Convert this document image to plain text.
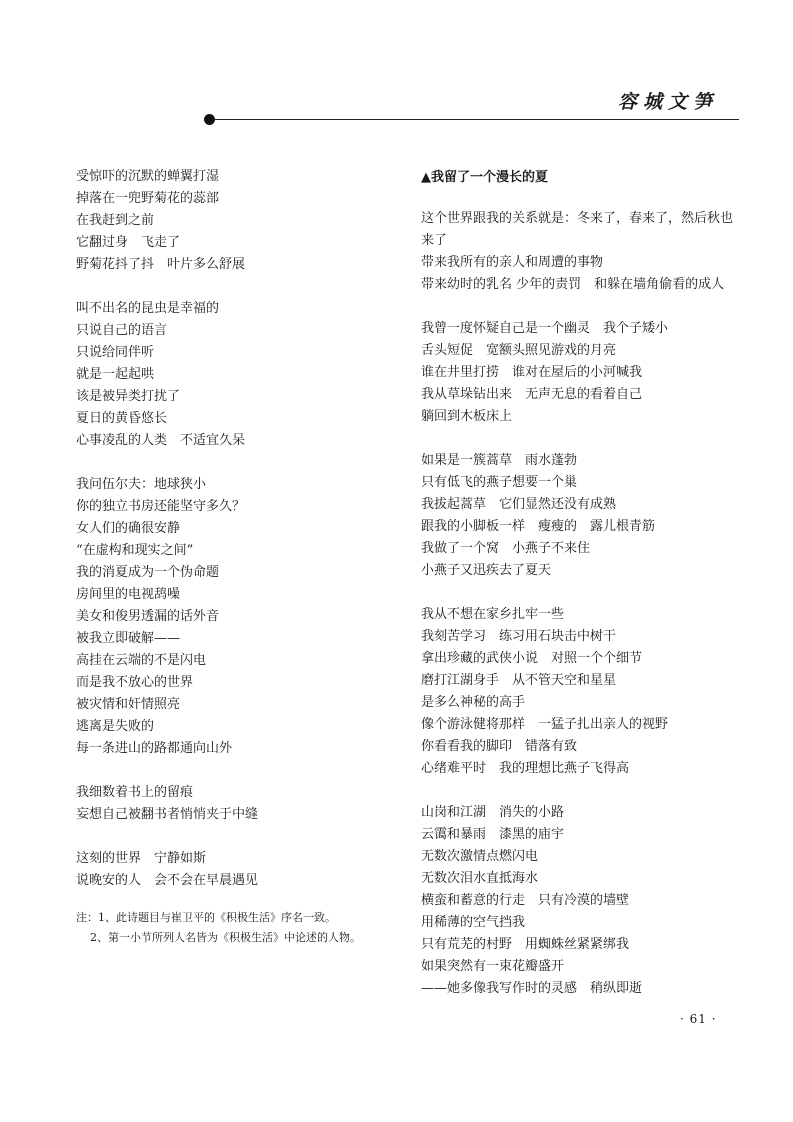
容城文笋
受惊吓的沉默的蝉翼打湿
掉落在一兜野菊花的蕊部
在我赶到之前
它翻过身　飞走了
野菊花抖了抖　叶片多么舒展
叫不出名的昆虫是幸福的
只说自己的语言
只说给同伴听
就是一起起哄
该是被异类打扰了
夏日的黄昏悠长
心事凌乱的人类　不适宜久呆
我问伍尔夫：地球狭小
你的独立书房还能坚守多久？
女人们的确很安静
“在虚构和现实之间”
我的消夏成为一个伪命题
房间里的电视鸹噪
美女和俊男透漏的话外音
被我立即破解——
高挂在云端的不是闪电
而是我不放心的世界
被灾情和奸情照亮
逃离是失败的
每一条进山的路都通向山外
我细数着书上的留痕
妄想自己被翻书者悄悄夹于中缝
这刻的世界　宁静如斯
说晚安的人　会不会在早晨遇见
注：1、此诗题目与崔卫平的《积极生活》序名一致。
2、第一小节所列人名皆为《积极生活》中论述的人物。
▲我留了一个漫长的夏
这个世界跟我的关系就是：冬来了，春来了，然后秋也
来了
带来我所有的亲人和周遭的事物
带来幼时的乳名 少年的责罚　和躲在墙角偷看的成人
我曾一度怀疑自己是一个幽灵　我个子矮小
舌头短促　宽额头照见游戏的月亮
谁在井里打捞　谁对在屋后的小河喊我
我从草垛钻出来　无声无息的看着自己
躺回到木板床上
如果是一簇蒿草　雨水蓬勃
只有低飞的燕子想要一个巢
我拔起蒿草　它们显然还没有成熟
跟我的小脚板一样　瘦瘦的　露儿根青筋
我做了一个窝　小燕子不来住
小燕子又迅疾去了夏天
我从不想在家乡扎牢一些
我刻苦学习　练习用石块击中树干
拿出珍藏的武侠小说　对照一个个细节
磨打江湖身手　从不管天空和星星
是多么神秘的高手
像个游泳健将那样　一猛子扎出亲人的视野
你看看我的脚印　错落有致
心绪难平时　我的理想比燕子飞得高
山岗和江湖　消失的小路
云霭和暴雨　漆黑的庙宇
无数次激情点燃闪电
无数次泪水直抵海水
横蛮和蓄意的行走　只有冷漠的墙壁
用稀薄的空气挡我
只有荒芜的村野　用蜘蛛丝紧紧绑我
如果突然有一束花瓣盛开
——她多像我写作时的灵感　稍纵即逝
· 61 ·
